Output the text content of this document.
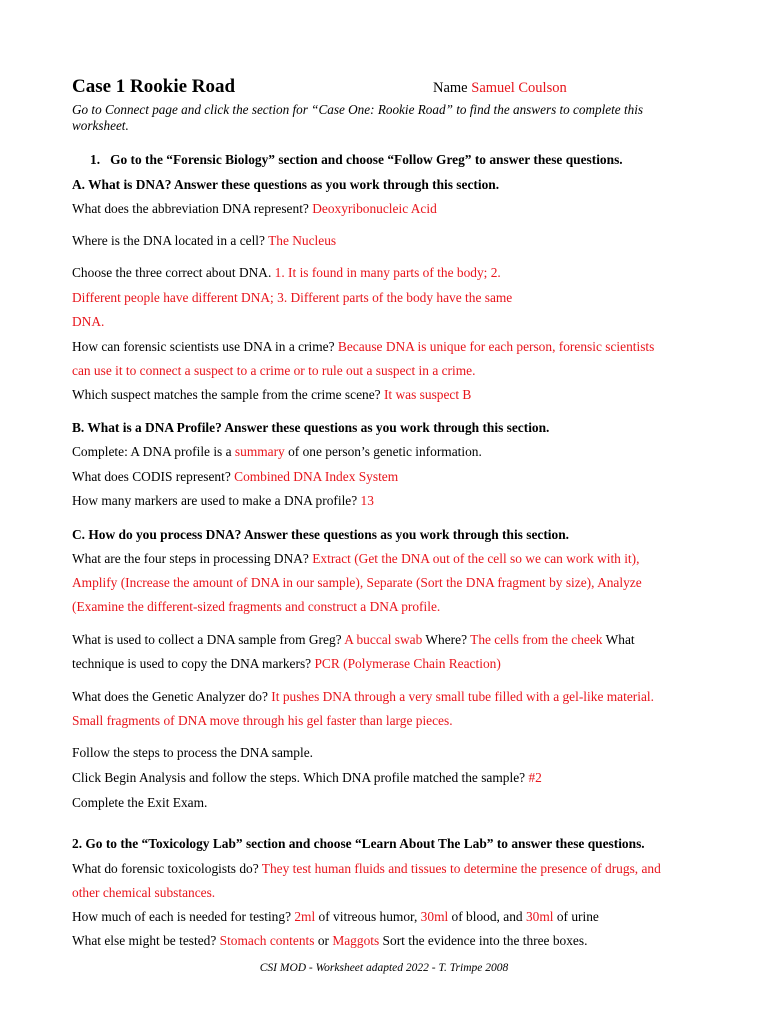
Case 1 Rookie Road	Name Samuel Coulson
Go to Connect page and click the section for “Case One: Rookie Road” to find the answers to complete this worksheet.
1.   Go to the “Forensic Biology” section and choose “Follow Greg” to answer these questions.
A. What is DNA? Answer these questions as you work through this section.
What does the abbreviation DNA represent? Deoxyribonucleic Acid
Where is the DNA located in a cell? The Nucleus
Choose the three correct about DNA. 1. It is found in many parts of the body; 2.
Different people have different DNA; 3. Different parts of the body have the same
DNA.
How can forensic scientists use DNA in a crime? Because DNA is unique for each person, forensic scientists
can use it to connect a suspect to a crime or to rule out a suspect in a crime.
Which suspect matches the sample from the crime scene? It was suspect B
B. What is a DNA Profile? Answer these questions as you work through this section.
Complete: A DNA profile is a summary of one person’s genetic information.
What does CODIS represent? Combined DNA Index System
How many markers are used to make a DNA profile? 13
C. How do you process DNA? Answer these questions as you work through this section.
What are the four steps in processing DNA? Extract (Get the DNA out of the cell so we can work with it),
Amplify (Increase the amount of DNA in our sample), Separate (Sort the DNA fragment by size), Analyze
(Examine the different-sized fragments and construct a DNA profile.
What is used to collect a DNA sample from Greg? A buccal swab Where? The cells from the cheek What
technique is used to copy the DNA markers? PCR (Polymerase Chain Reaction)
What does the Genetic Analyzer do? It pushes DNA through a very small tube filled with a gel-like material.
Small fragments of DNA move through his gel faster than large pieces.
Follow the steps to process the DNA sample.
Click Begin Analysis and follow the steps. Which DNA profile matched the sample? #2
Complete the Exit Exam.
2. Go to the “Toxicology Lab” section and choose “Learn About The Lab” to answer these questions.
What do forensic toxicologists do? They test human fluids and tissues to determine the presence of drugs, and
other chemical substances.
How much of each is needed for testing? 2ml of vitreous humor, 30ml of blood, and 30ml of urine
What else might be tested? Stomach contents or Maggots Sort the evidence into the three boxes.
CSI MOD - Worksheet adapted 2022 - T. Trimpe 2008
